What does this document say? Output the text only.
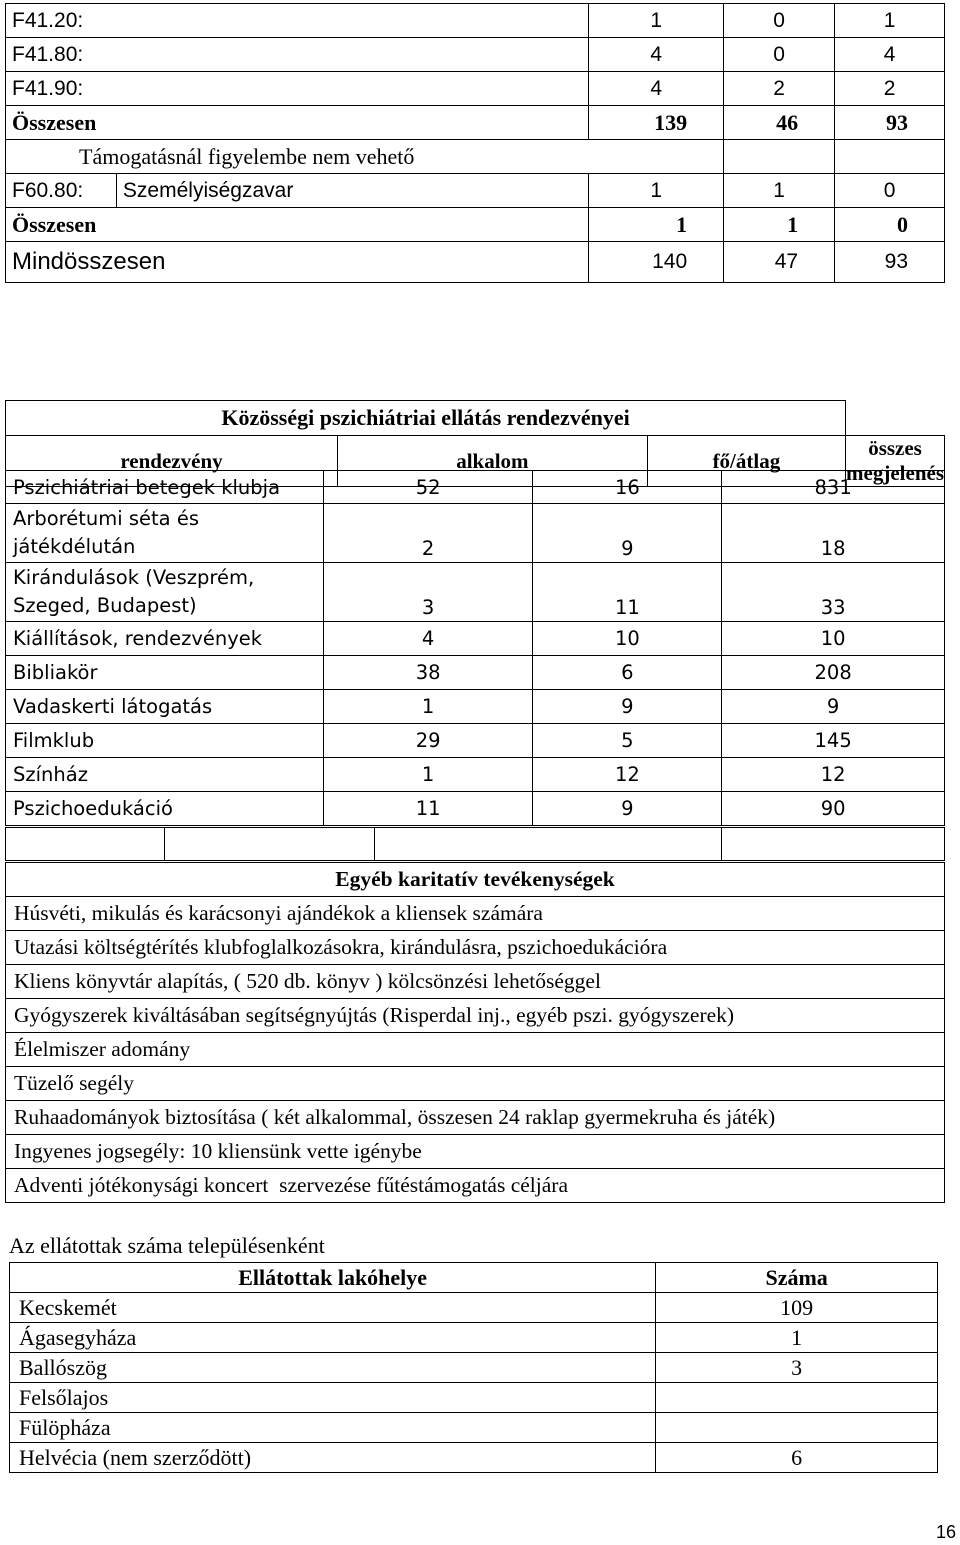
F41.20:		1	0	1
F41.80:		4	0	4
F41.90:		4	2	2
Összesen		139	46	93
Támogatásnál figyelembe nem vehető				
F60.80:	Személyiségzavar	1	1	0
Összesen		1	1	0
Mindösszesen		140	47	93
Közösségi pszichiátriai ellátás rendezvényei
rendezvény	alkalom	fő/átlag	összes megjelenés
Pszichiátriai betegek klubja	52	16	831

Arborétumi séta és
játékdélután	2	9	18

Kirándulások (Veszprém,
Szeged, Budapest)	3	11	33
Kiállítások, rendezvények	4	10	10
Bibliakör	38	6	208
Vadaskerti látogatás	1	9	9
Filmklub	29	5	145
Színház	1	12	12
Pszichoedukáció	11	9	90

Egyéb karitatív tevékenységek
Húsvéti, mikulás és karácsonyi ajándékok a kliensek számára
Utazási költségtérítés klubfoglalkozásokra, kirándulásra, pszichoedukációra
Kliens könyvtár alapítás, ( 520 db. könyv ) kölcsönzési lehetőséggel
Gyógyszerek kiváltásában segítségnyújtás (Risperdal inj., egyéb pszi. gyógyszerek)
Élelmiszer adomány
Tüzelő segély
Ruhaadományok biztosítása ( két alkalommal, összesen 24 raklap gyermekruha és játék)
Ingyenes jogsegély: 10 kliensünk vette igénybe
Adventi jótékonysági koncert  szervezése fűtéstámogatás céljára
Az ellátottak száma településenként
Ellátottak lakóhelye	Száma
Kecskemét	109
Ágasegyháza	1
Ballószög	3
Felsőlajos	
Fülöpháza	
Helvécia (nem szerződött)	6
16
